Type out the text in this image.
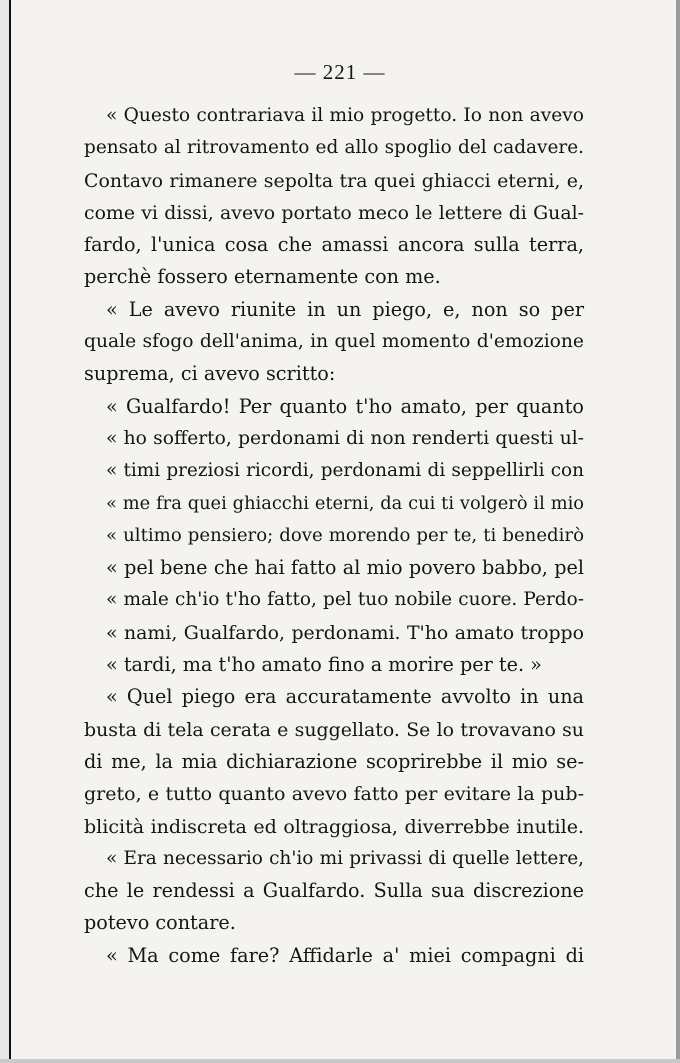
— 221 —
« Questo contrariava il mio progetto. Io non avevo
pensato al ritrovamento ed allo spoglio del cadavere.
Contavo rimanere sepolta tra quei ghiacci eterni, e,
come vi dissi, avevo portato meco le lettere di Gual-
fardo, l'unica cosa che amassi ancora sulla terra,
perchè fossero eternamente con me.
« Le avevo riunite in un piego, e, non so per
quale sfogo dell'anima, in quel momento d'emozione
suprema, ci avevo scritto:
« Gualfardo! Per quanto t'ho amato, per quanto
« ho sofferto, perdonami di non renderti questi ul-
« timi preziosi ricordi, perdonami di seppellirli con
« me fra quei ghiacchi eterni, da cui ti volgerò il mio
« ultimo pensiero; dove morendo per te, ti benedirò
« pel bene che hai fatto al mio povero babbo, pel
« male ch'io t'ho fatto, pel tuo nobile cuore. Perdo-
« nami, Gualfardo, perdonami. T'ho amato troppo
« tardi, ma t'ho amato fino a morire per te. »
« Quel piego era accuratamente avvolto in una
busta di tela cerata e suggellato. Se lo trovavano su
di me, la mia dichiarazione scoprirebbe il mio se-
greto, e tutto quanto avevo fatto per evitare la pub-
blicità indiscreta ed oltraggiosa, diverrebbe inutile.
« Era necessario ch'io mi privassi di quelle lettere,
che le rendessi a Gualfardo. Sulla sua discrezione
potevo contare.
« Ma come fare? Affidarle a' miei compagni di
